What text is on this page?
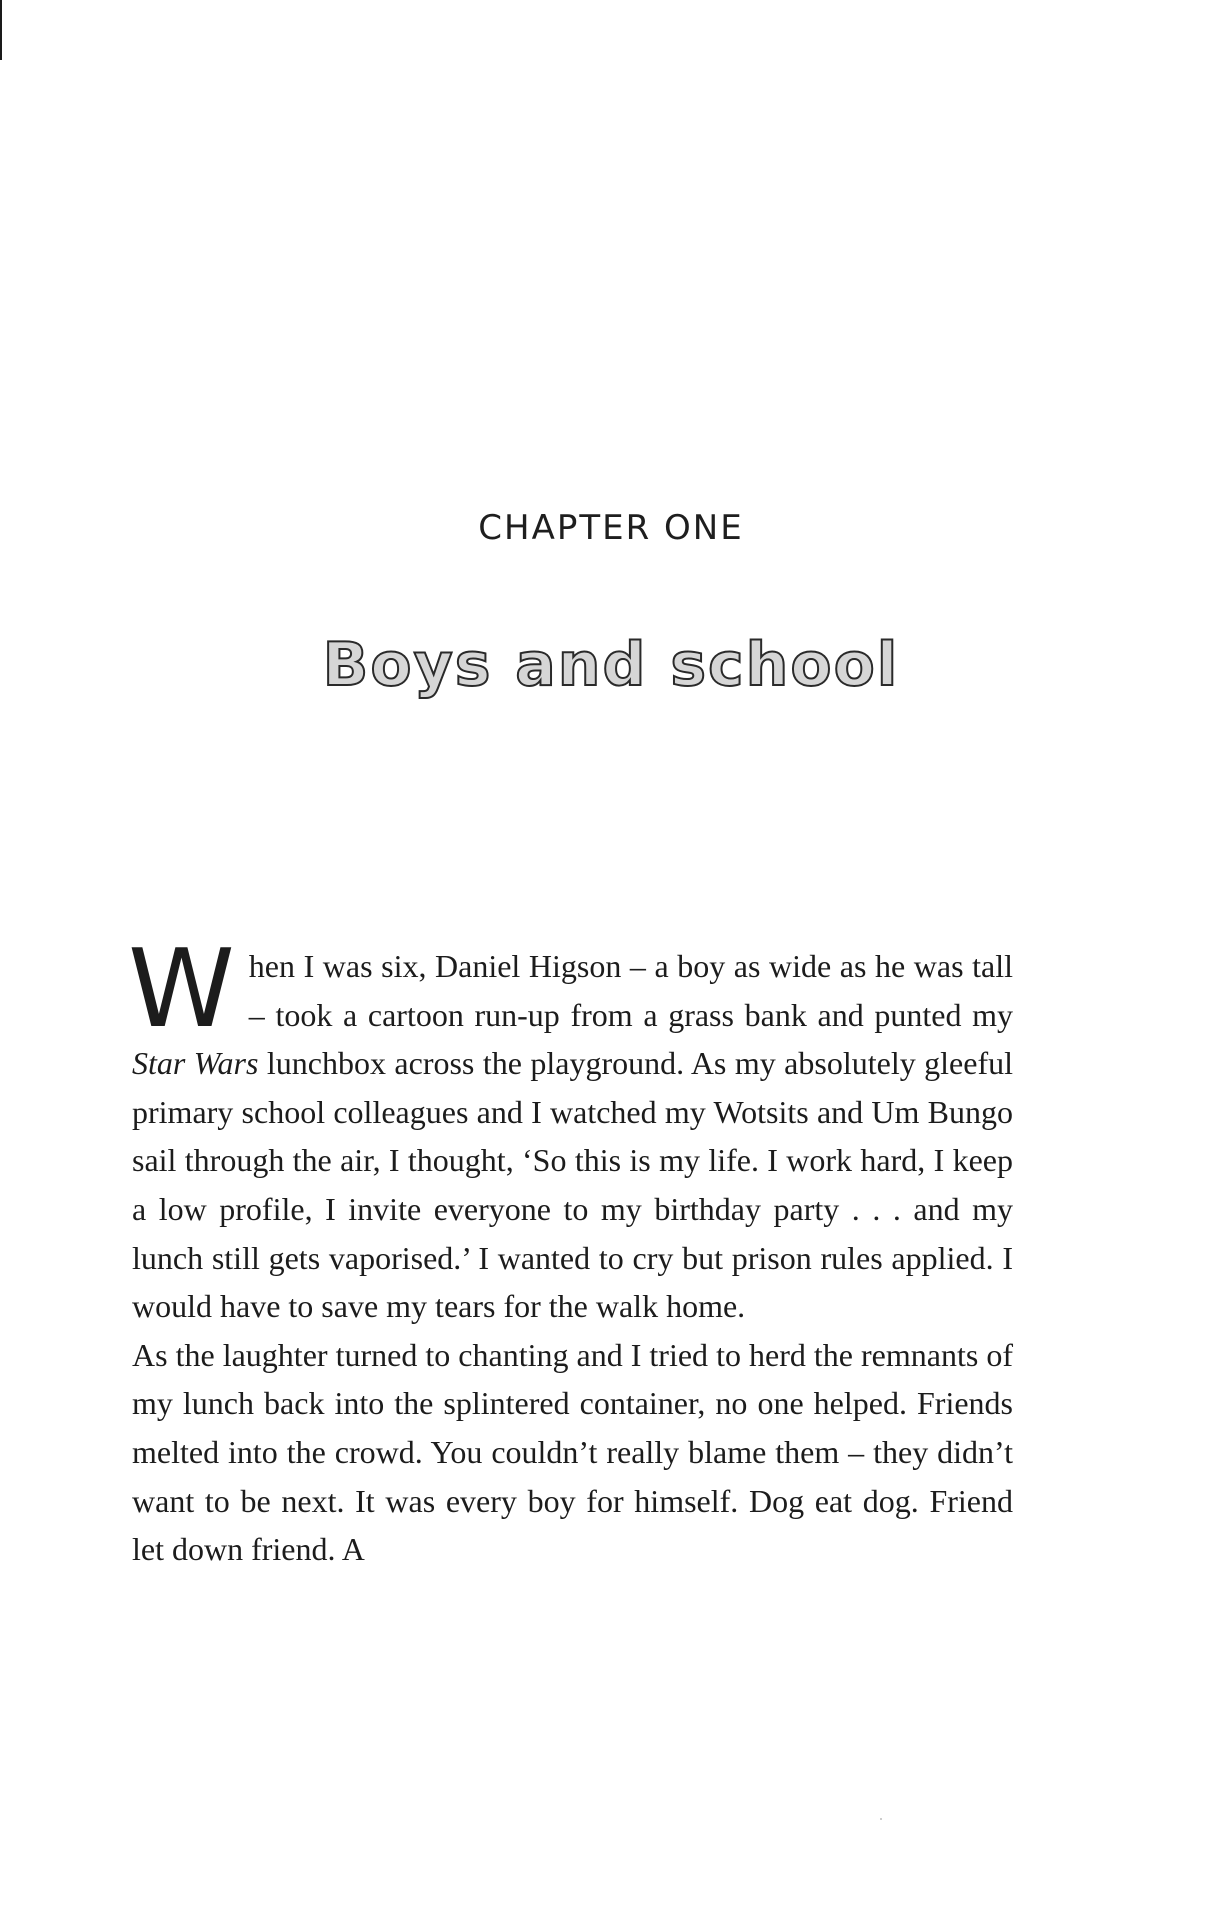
CHAPTER ONE
Boys and school

When I was six, Daniel Higson – a boy as wide as he was tall – took a cartoon run-up from a grass bank and punted my Star Wars lunchbox across the playground. As my absolutely gleeful primary school colleagues and I watched my Wotsits and Um Bungo sail through the air, I thought, ‘So this is my life. I work hard, I keep a low profile, I invite everyone to my birthday party . . . and my lunch still gets vaporised.’ I wanted to cry but prison rules applied. I would have to save my tears for the walk home.

As the laughter turned to chanting and I tried to herd the remnants of my lunch back into the splintered container, no one helped. Friends melted into the crowd. You couldn’t really blame them – they didn’t want to be next. It was every boy for himself. Dog eat dog. Friend let down friend. A
